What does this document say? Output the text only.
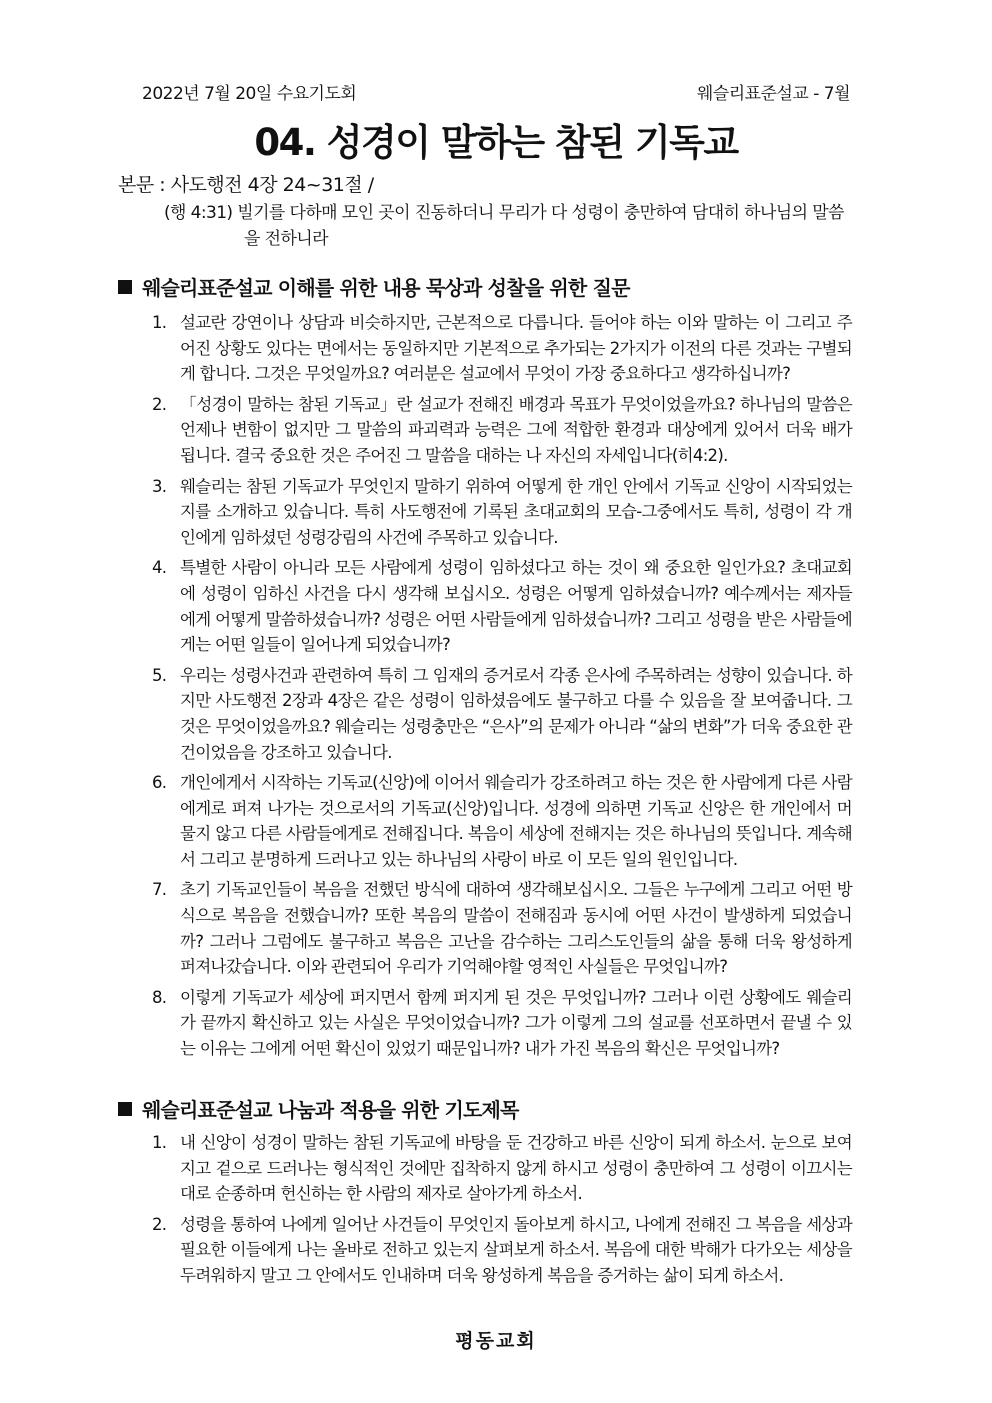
2022년 7월 20일 수요기도회	웨슬리표준설교 - 7월
04. 성경이 말하는 참된 기독교
본문 : 사도행전 4장 24~31절 /
(행 4:31) 빌기를 다하매 모인 곳이 진동하더니 무리가 다 성령이 충만하여 담대히 하나님의 말씀
을 전하니라
웨슬리표준설교 이해를 위한 내용 묵상과 성찰을 위한 질문
1. 설교란 강연이나 상담과 비슷하지만, 근본적으로 다릅니다. 들어야 하는 이와 말하는 이 그리고 주어진 상황도 있다는 면에서는 동일하지만 기본적으로 추가되는 2가지가 이전의 다른 것과는 구별되게 합니다. 그것은 무엇일까요? 여러분은 설교에서 무엇이 가장 중요하다고 생각하십니까?
2. 「성경이 말하는 참된 기독교」란 설교가 전해진 배경과 목표가 무엇이었을까요? 하나님의 말씀은 언제나 변함이 없지만 그 말씀의 파괴력과 능력은 그에 적합한 환경과 대상에게 있어서 더욱 배가 됩니다. 결국 중요한 것은 주어진 그 말씀을 대하는 나 자신의 자세입니다(히4:2).
3. 웨슬리는 참된 기독교가 무엇인지 말하기 위하여 어떻게 한 개인 안에서 기독교 신앙이 시작되었는지를 소개하고 있습니다. 특히 사도행전에 기록된 초대교회의 모습-그중에서도 특히, 성령이 각 개인에게 임하셨던 성령강림의 사건에 주목하고 있습니다.
4. 특별한 사람이 아니라 모든 사람에게 성령이 임하셨다고 하는 것이 왜 중요한 일인가요? 초대교회에 성령이 임하신 사건을 다시 생각해 보십시오. 성령은 어떻게 임하셨습니까? 예수께서는 제자들에게 어떻게 말씀하셨습니까? 성령은 어떤 사람들에게 임하셨습니까? 그리고 성령을 받은 사람들에게는 어떤 일들이 일어나게 되었습니까?
5. 우리는 성령사건과 관련하여 특히 그 임재의 증거로서 각종 은사에 주목하려는 성향이 있습니다. 하지만 사도행전 2장과 4장은 같은 성령이 임하셨음에도 불구하고 다를 수 있음을 잘 보여줍니다. 그것은 무엇이었을까요? 웨슬리는 성령충만은 “은사”의 문제가 아니라 “삶의 변화”가 더욱 중요한 관건이었음을 강조하고 있습니다.
6. 개인에게서 시작하는 기독교(신앙)에 이어서 웨슬리가 강조하려고 하는 것은 한 사람에게 다른 사람에게로 퍼져 나가는 것으로서의 기독교(신앙)입니다. 성경에 의하면 기독교 신앙은 한 개인에서 머물지 않고 다른 사람들에게로 전해집니다. 복음이 세상에 전해지는 것은 하나님의 뜻입니다. 계속해서 그리고 분명하게 드러나고 있는 하나님의 사랑이 바로 이 모든 일의 원인입니다.
7. 초기 기독교인들이 복음을 전했던 방식에 대하여 생각해보십시오. 그들은 누구에게 그리고 어떤 방식으로 복음을 전했습니까? 또한 복음의 말씀이 전해짐과 동시에 어떤 사건이 발생하게 되었습니까? 그러나 그럼에도 불구하고 복음은 고난을 감수하는 그리스도인들의 삶을 통해 더욱 왕성하게 퍼져나갔습니다. 이와 관련되어 우리가 기억해야할 영적인 사실들은 무엇입니까?
8. 이렇게 기독교가 세상에 퍼지면서 함께 퍼지게 된 것은 무엇입니까? 그러나 이런 상황에도 웨슬리가 끝까지 확신하고 있는 사실은 무엇이었습니까? 그가 이렇게 그의 설교를 선포하면서 끝낼 수 있는 이유는 그에게 어떤 확신이 있었기 때문입니까? 내가 가진 복음의 확신은 무엇입니까?
웨슬리표준설교 나눔과 적용을 위한 기도제목
1. 내 신앙이 성경이 말하는 참된 기독교에 바탕을 둔 건강하고 바른 신앙이 되게 하소서. 눈으로 보여지고 겉으로 드러나는 형식적인 것에만 집착하지 않게 하시고 성령이 충만하여 그 성령이 이끄시는 대로 순종하며 헌신하는 한 사람의 제자로 살아가게 하소서.
2. 성령을 통하여 나에게 일어난 사건들이 무엇인지 돌아보게 하시고, 나에게 전해진 그 복음을 세상과 필요한 이들에게 나는 올바로 전하고 있는지 살펴보게 하소서. 복음에 대한 박해가 다가오는 세상을 두려워하지 말고 그 안에서도 인내하며 더욱 왕성하게 복음을 증거하는 삶이 되게 하소서.
평동교회
